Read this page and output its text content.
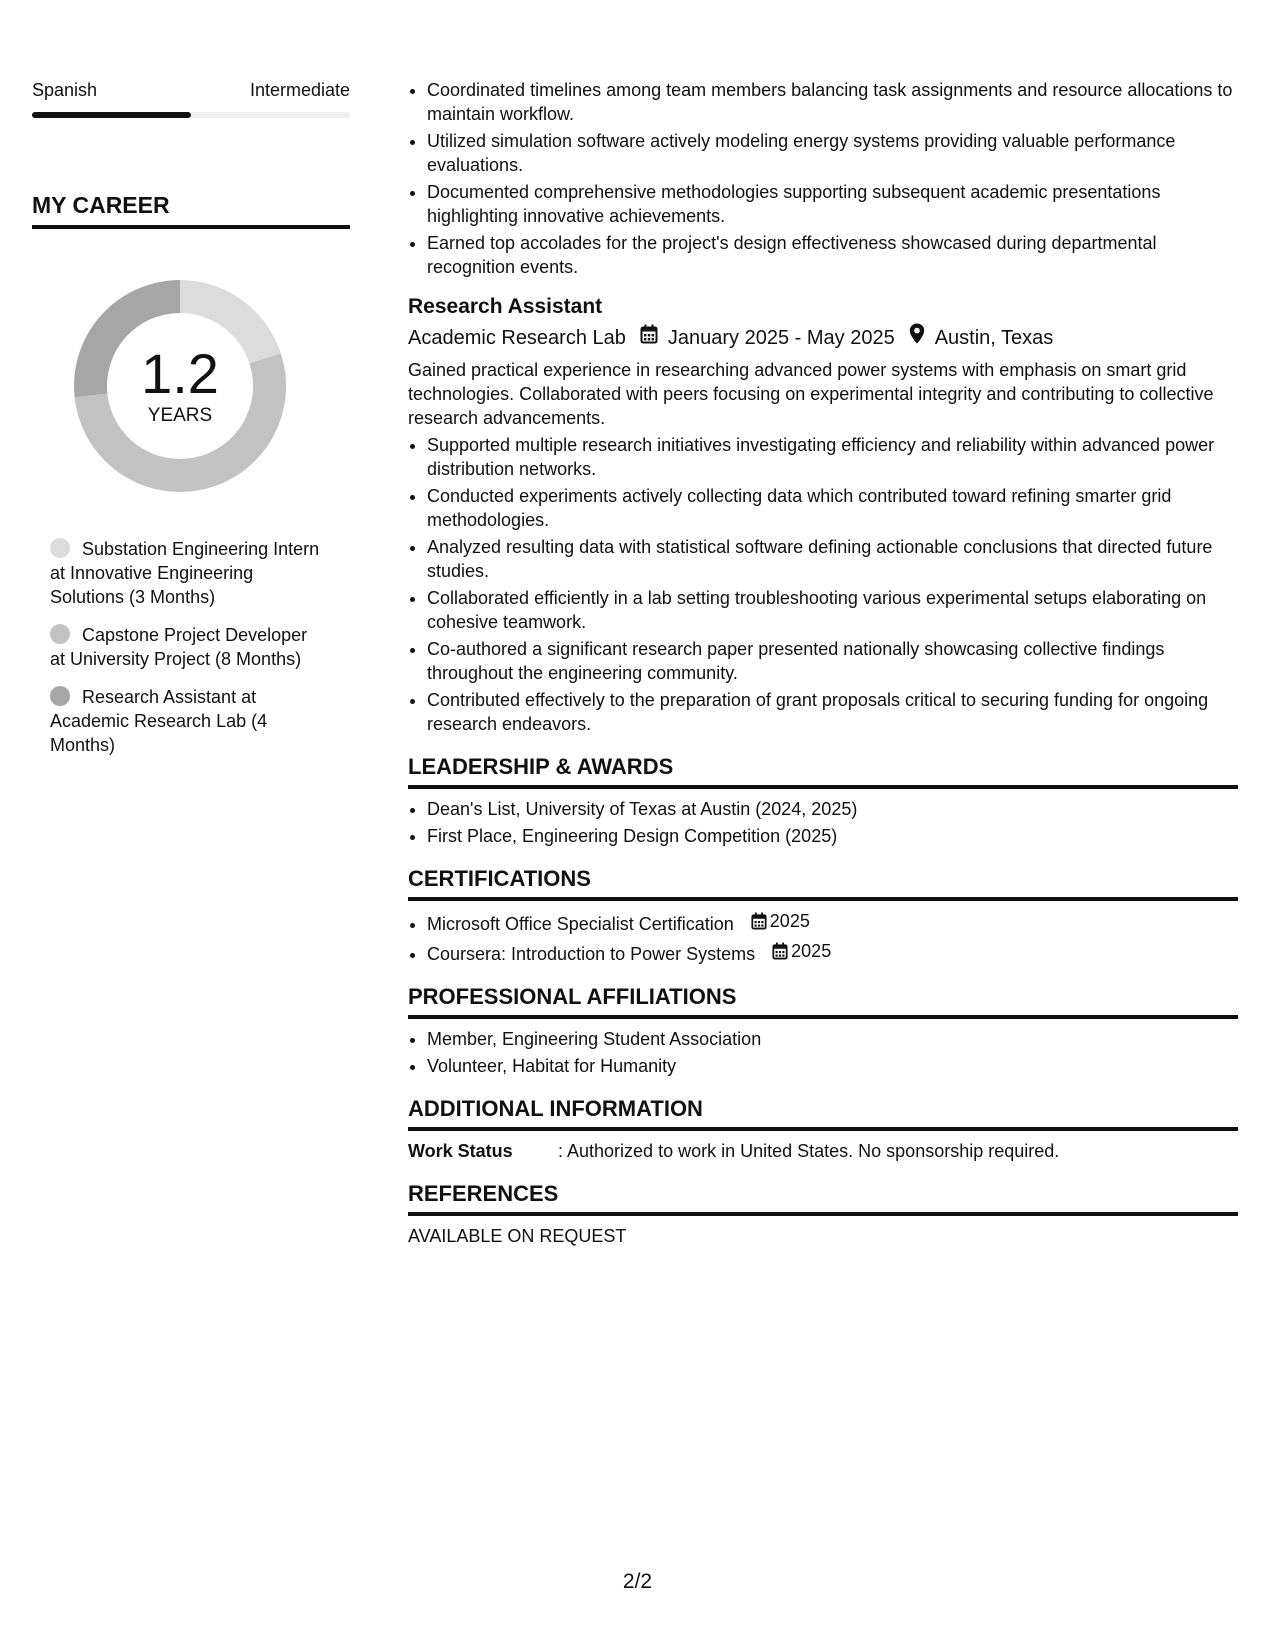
Spanish	Intermediate
MY CAREER
1.2
YEARS
Substation Engineering Intern at Innovative Engineering Solutions (3 Months)
Capstone Project Developer at University Project (8 Months)
Research Assistant at Academic Research Lab (4 Months)
• Coordinated timelines among team members balancing task assignments and resource allocations to maintain workflow.
• Utilized simulation software actively modeling energy systems providing valuable performance evaluations.
• Documented comprehensive methodologies supporting subsequent academic presentations highlighting innovative achievements.
• Earned top accolades for the project's design effectiveness showcased during departmental recognition events.
Research Assistant
Academic Research Lab January 2025 - May 2025 Austin, Texas
Gained practical experience in researching advanced power systems with emphasis on smart grid technologies. Collaborated with peers focusing on experimental integrity and contributing to collective research advancements.
• Supported multiple research initiatives investigating efficiency and reliability within advanced power distribution networks.
• Conducted experiments actively collecting data which contributed toward refining smarter grid methodologies.
• Analyzed resulting data with statistical software defining actionable conclusions that directed future studies.
• Collaborated efficiently in a lab setting troubleshooting various experimental setups elaborating on cohesive teamwork.
• Co-authored a significant research paper presented nationally showcasing collective findings throughout the engineering community.
• Contributed effectively to the preparation of grant proposals critical to securing funding for ongoing research endeavors.
LEADERSHIP & AWARDS
• Dean's List, University of Texas at Austin (2024, 2025)
• First Place, Engineering Design Competition (2025)
CERTIFICATIONS
• Microsoft Office Specialist Certification 2025
• Coursera: Introduction to Power Systems 2025
PROFESSIONAL AFFILIATIONS
• Member, Engineering Student Association
• Volunteer, Habitat for Humanity
ADDITIONAL INFORMATION
Work Status	: Authorized to work in United States. No sponsorship required.
REFERENCES
AVAILABLE ON REQUEST
2/2
